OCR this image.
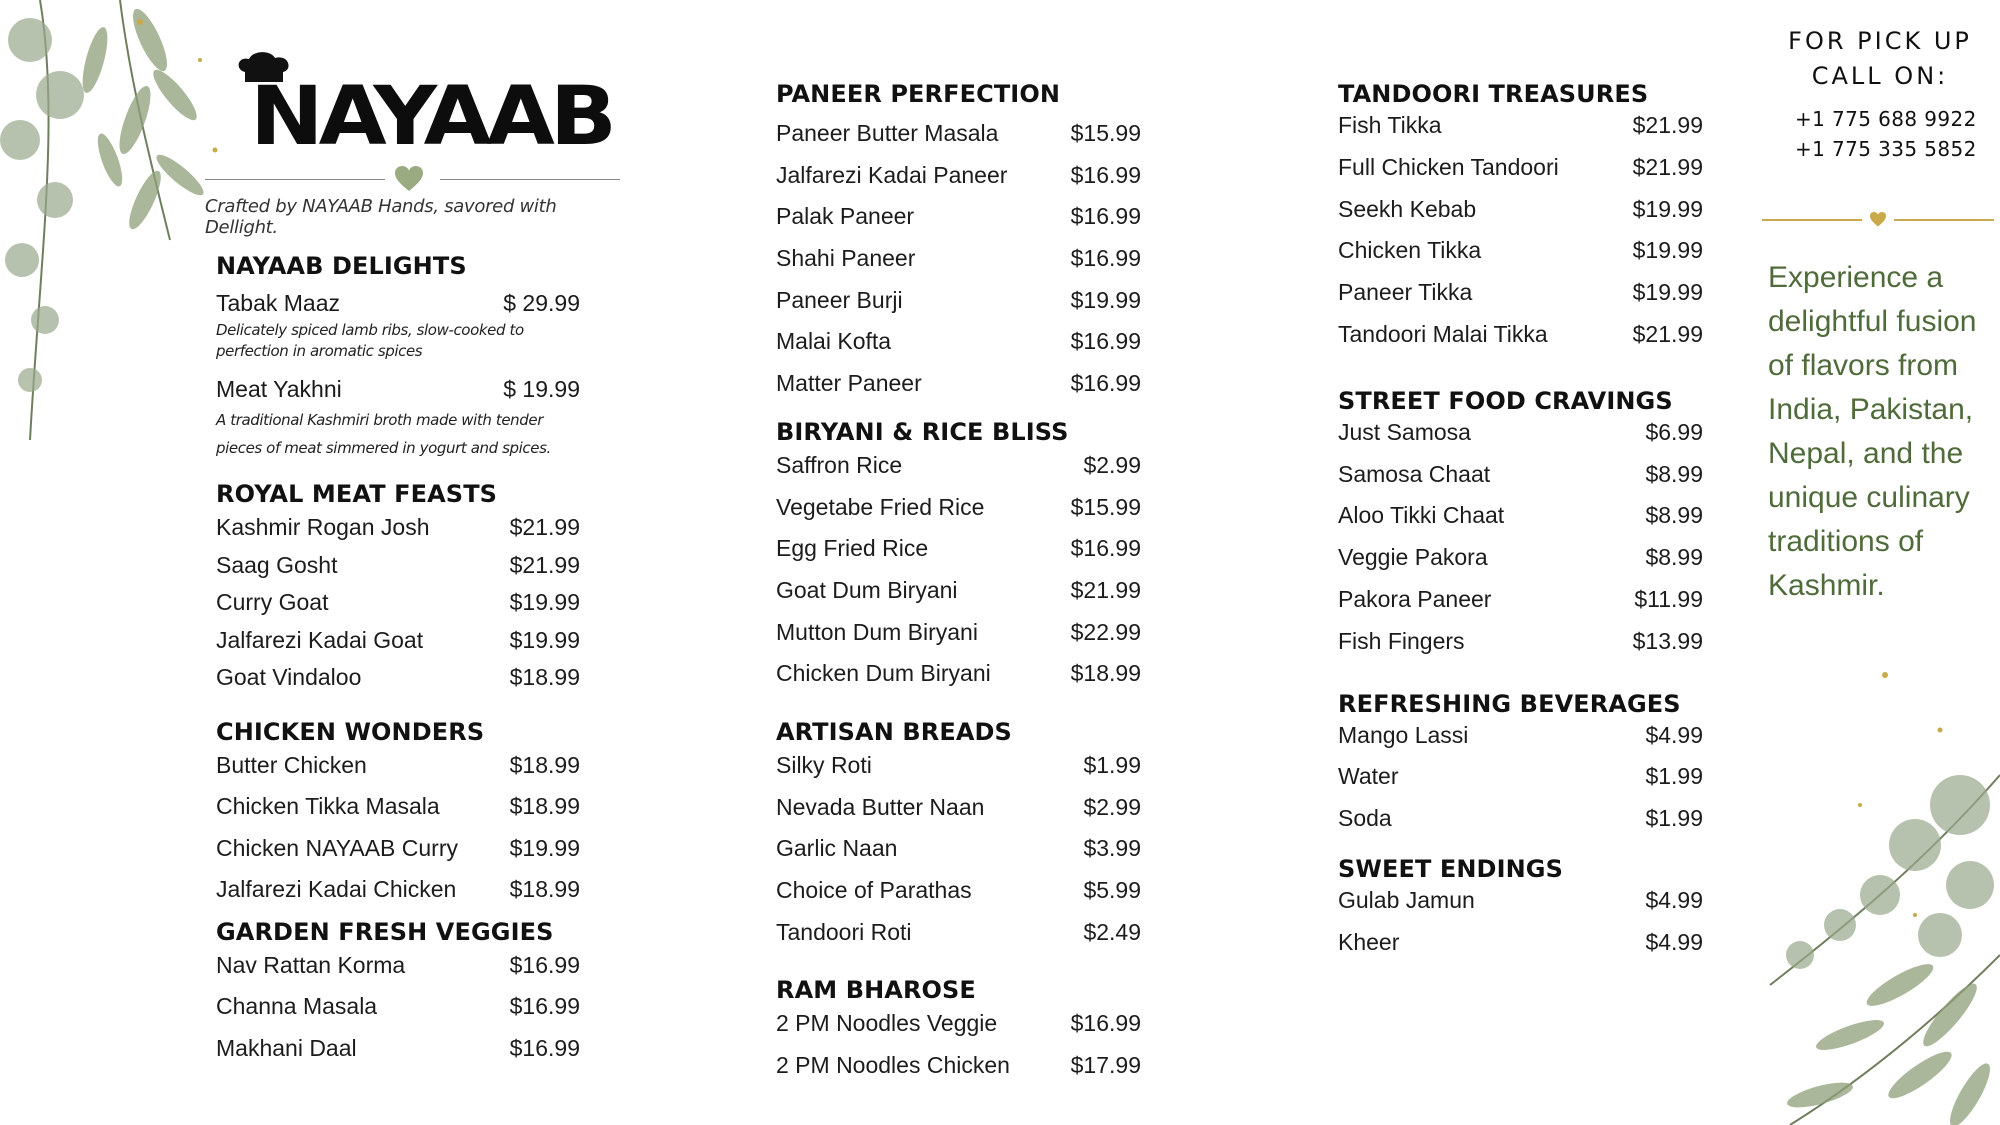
NAYAAB
Crafted by NAYAAB Hands, savored with Dellight.
NAYAAB DELIGHTS
Tabak Maaz	$ 29.99
Delicately spiced lamb ribs, slow-cooked to perfection in aromatic spices
Meat Yakhni	$ 19.99
A traditional Kashmiri broth made with tender pieces of meat simmered in yogurt and spices.
ROYAL MEAT FEASTS
Kashmir Rogan Josh	$21.99
Saag Gosht	$21.99
Curry Goat	$19.99
Jalfarezi Kadai Goat	$19.99
Goat Vindaloo	$18.99
CHICKEN WONDERS
Butter Chicken	$18.99
Chicken Tikka Masala	$18.99
Chicken NAYAAB Curry $19.99
Jalfarezi Kadai Chicken $18.99
GARDEN FRESH VEGGIES
Nav Rattan Korma	$16.99
Channa Masala	$16.99
Makhani Daal	$16.99
PANEER PERFECTION
Paneer Butter Masala	$15.99
Jalfarezi Kadai Paneer	$16.99
Palak Paneer	$16.99
Shahi Paneer	$16.99
Paneer Burji	$19.99
Malai Kofta	$16.99
Matter Paneer	$16.99
BIRYANI & RICE BLISS
Saffron Rice	$2.99
Vegetabe Fried Rice	$15.99
Egg Fried Rice	$16.99
Goat Dum Biryani	$21.99
Mutton Dum Biryani	$22.99
Chicken Dum Biryani	$18.99
ARTISAN BREADS
Silky Roti	$1.99
Nevada Butter Naan	$2.99
Garlic Naan	$3.99
Choice of Parathas	$5.99
Tandoori Roti	$2.49
RAM BHAROSE
2 PM Noodles Veggie	$16.99
2 PM Noodles Chicken	$17.99
TANDOORI TREASURES
Fish Tikka	$21.99
Full Chicken Tandoori	$21.99
Seekh Kebab	$19.99
Chicken Tikka	$19.99
Paneer Tikka	$19.99
Tandoori Malai Tikka	$21.99
STREET FOOD CRAVINGS
Just Samosa	$6.99
Samosa Chaat	$8.99
Aloo Tikki Chaat	$8.99
Veggie Pakora	$8.99
Pakora Paneer	$11.99
Fish Fingers	$13.99
REFRESHING BEVERAGES
Mango Lassi	$4.99
Water	$1.99
Soda	$1.99
SWEET ENDINGS
Gulab Jamun	$4.99
Kheer	$4.99
FOR PICK UP
CALL ON:
+1 775 688 9922
+1 775 335 5852
Experience a delightful fusion of flavors from India, Pakistan, Nepal, and the unique culinary traditions of Kashmir.
